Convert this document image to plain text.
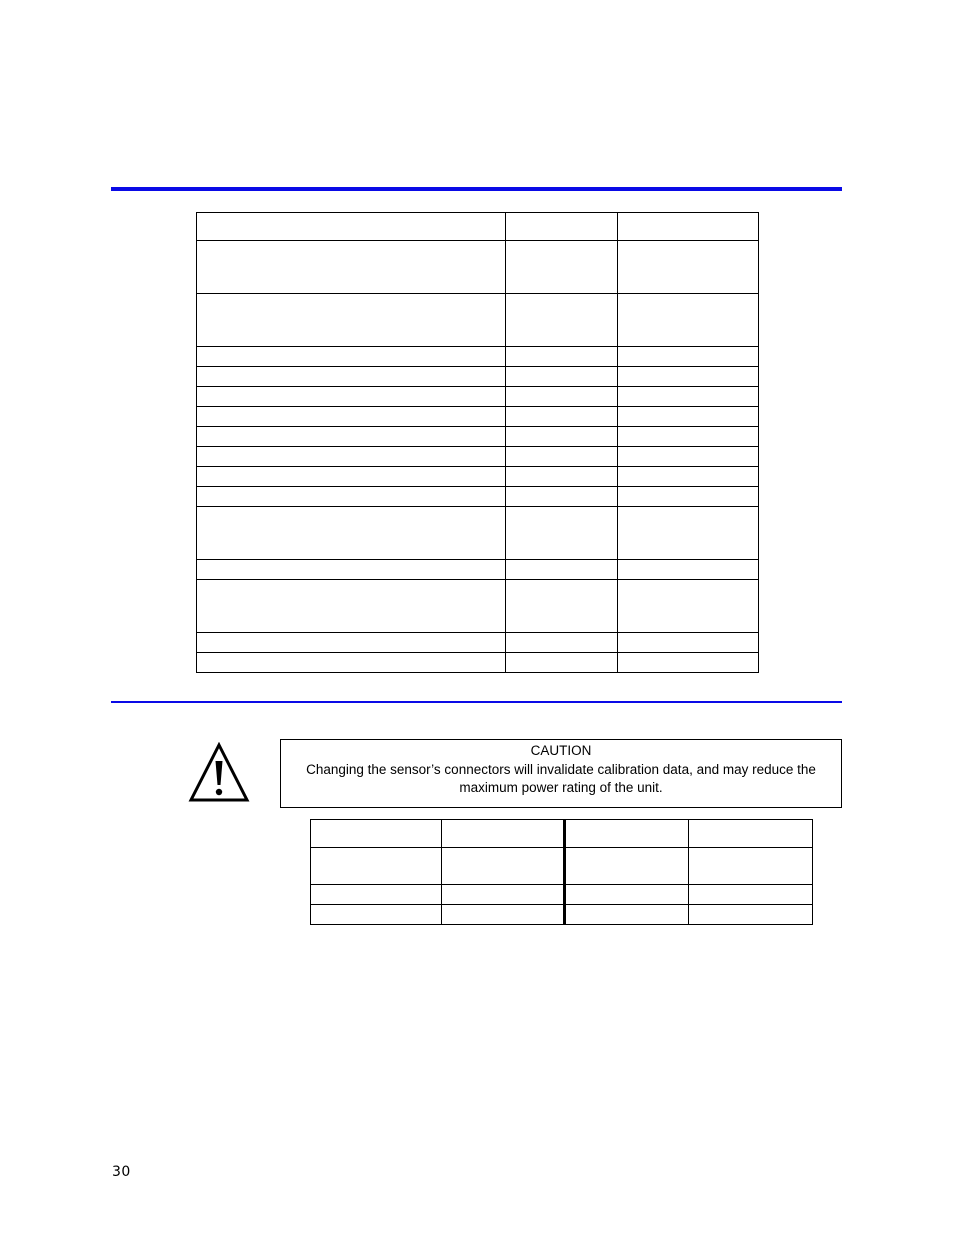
CAUTION
Changing the sensor’s connectors will invalidate calibration data, and may reduce the
maximum power rating of the unit.

30
